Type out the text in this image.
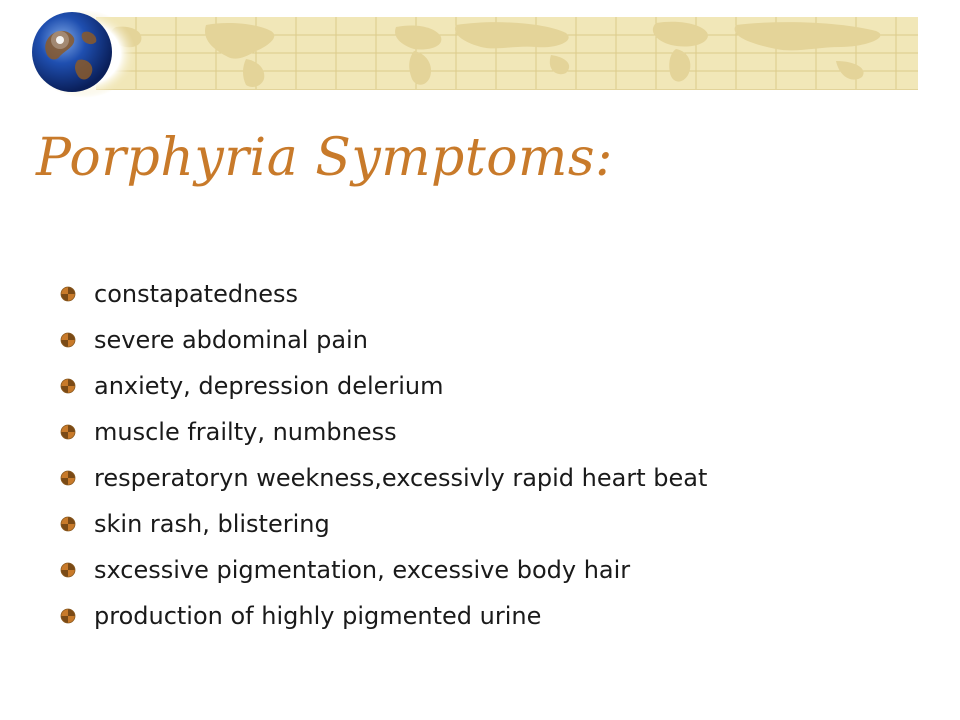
Porphyria Symptoms:
constapatedness
severe abdominal pain
anxiety, depression delerium
muscle frailty, numbness
resperatoryn weekness,excessivly rapid heart beat
skin rash, blistering
sxcessive pigmentation, excessive body hair
production of highly pigmented urine
